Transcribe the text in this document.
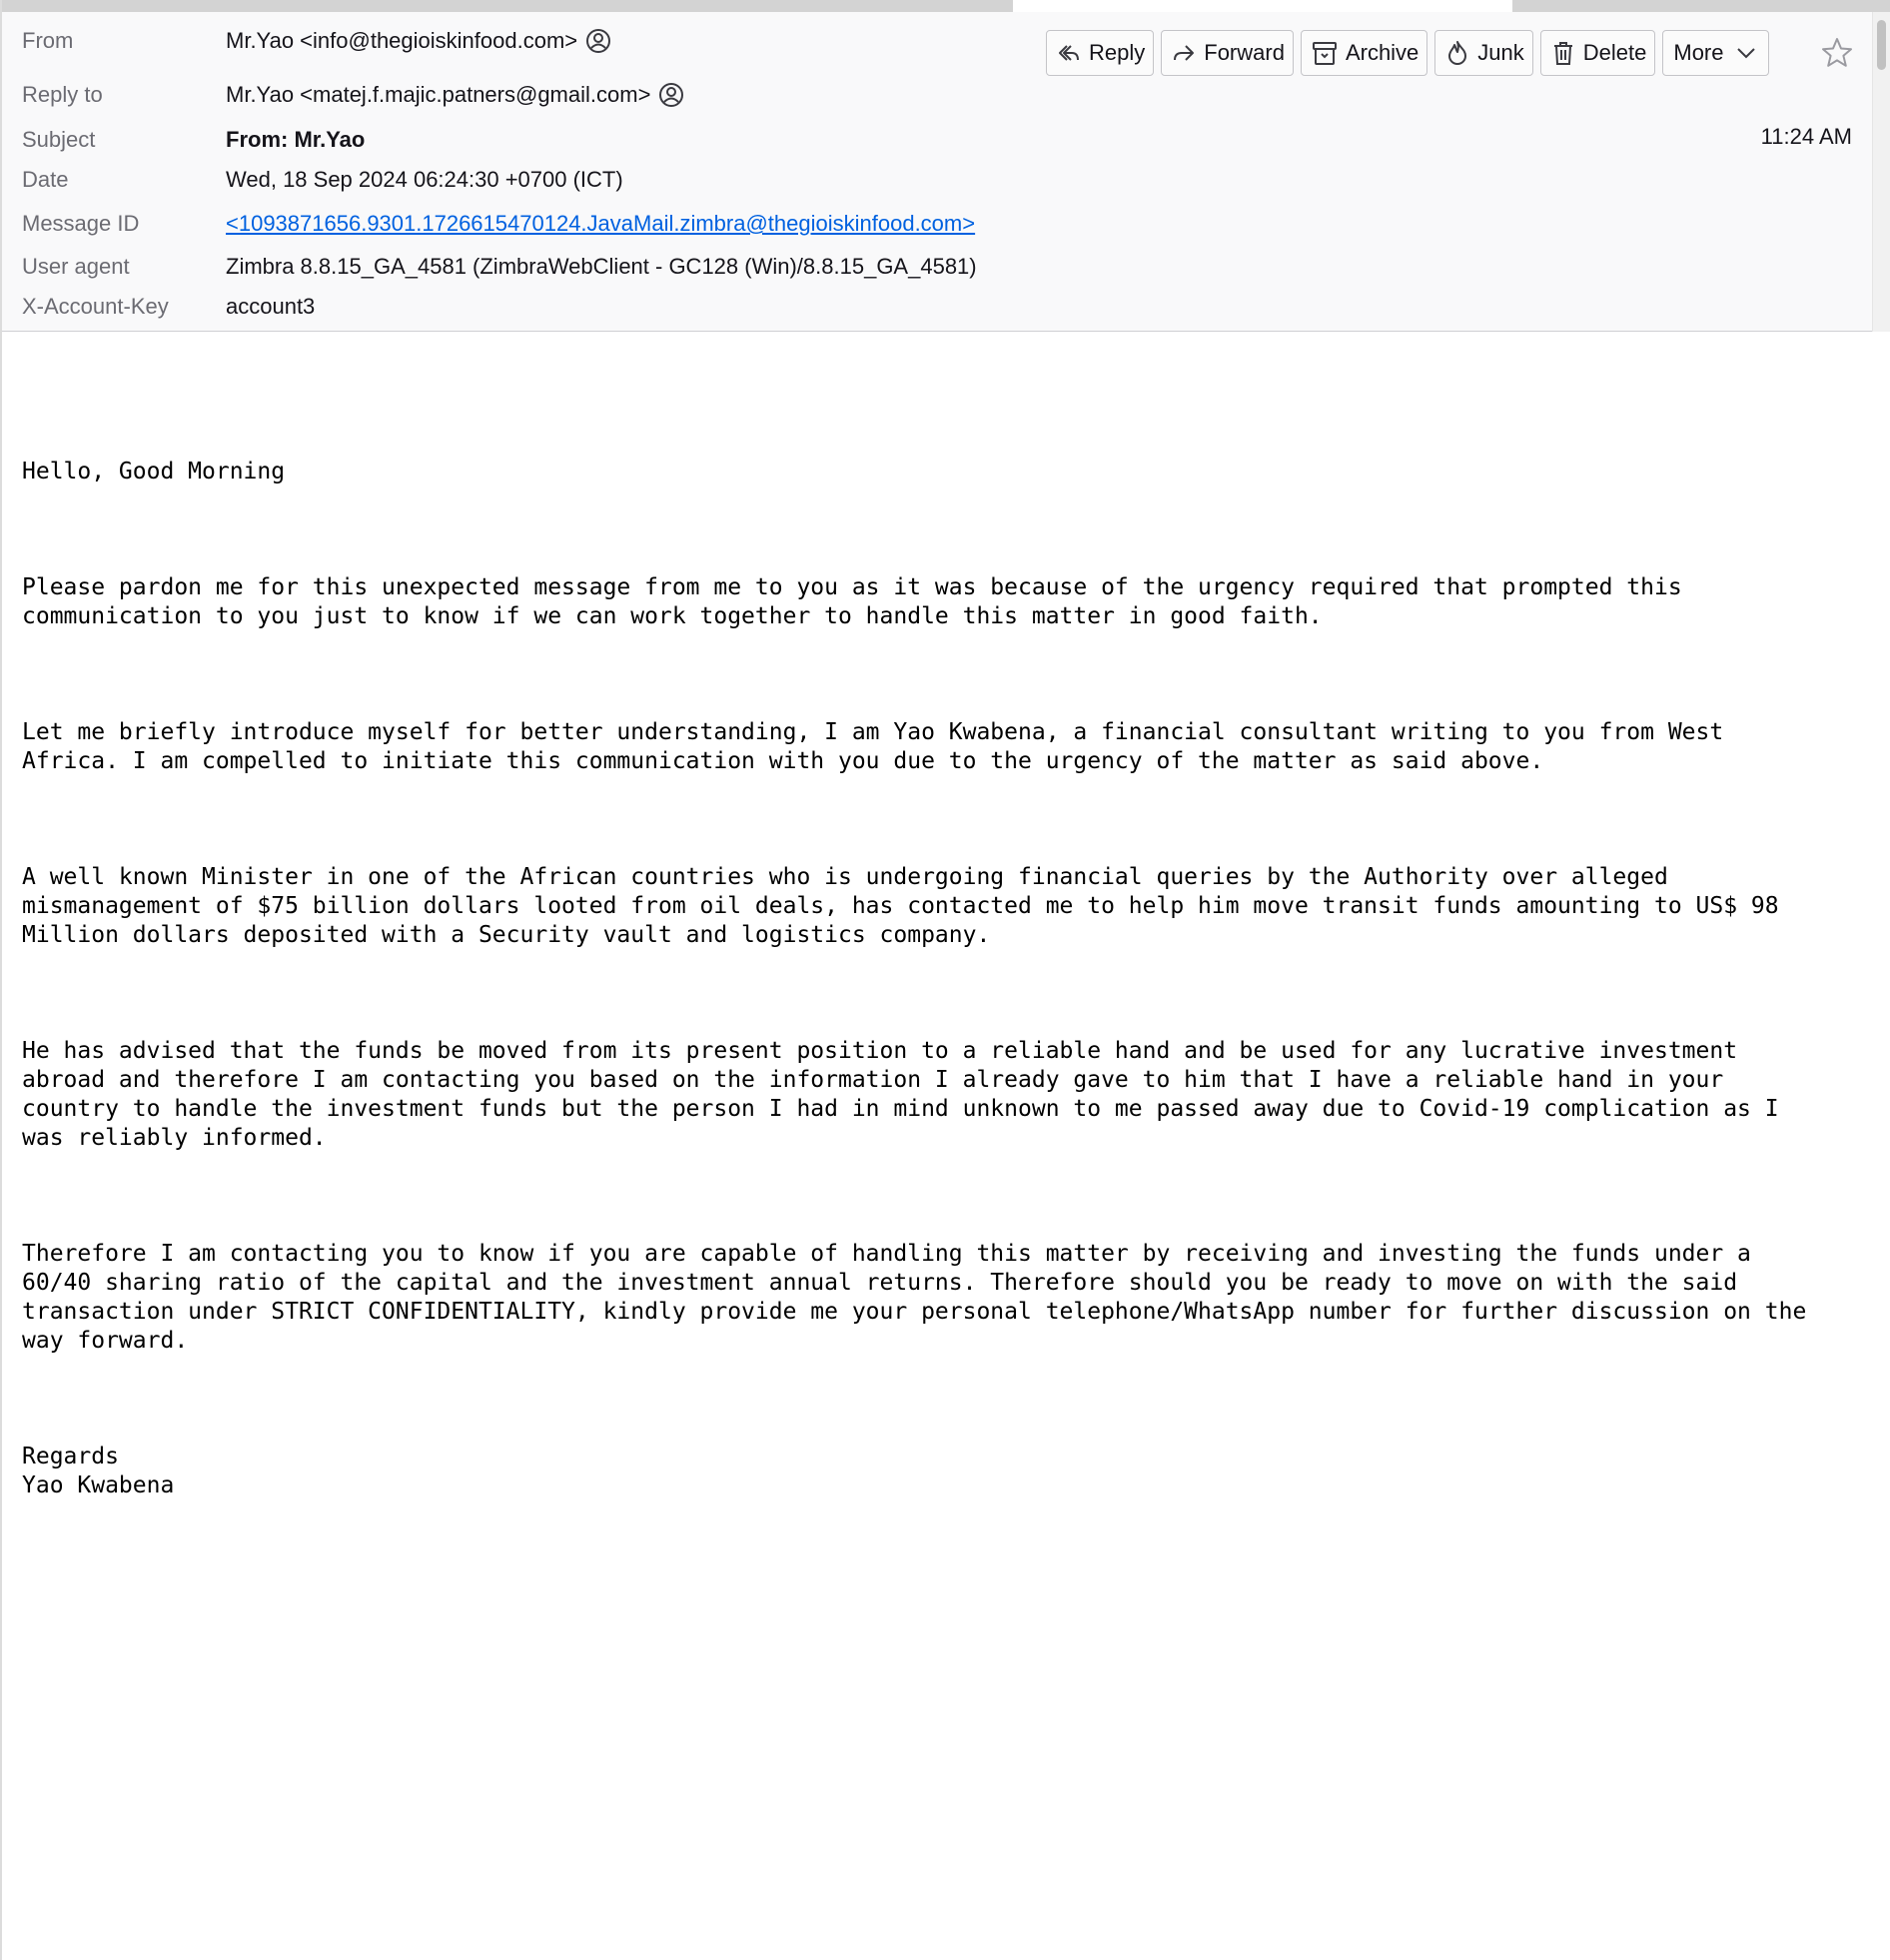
From	Mr.Yao <info@thegioiskinfood.com>
Reply to	Mr.Yao <matej.f.majic.patners@gmail.com>
Subject	From: Mr.Yao	11:24 AM
Date	Wed, 18 Sep 2024 06:24:30 +0700 (ICT)
Message ID	<1093871656.9301.1726615470124.JavaMail.zimbra@thegioiskinfood.com>
User agent	Zimbra 8.8.15_GA_4581 (ZimbraWebClient - GC128 (Win)/8.8.15_GA_4581)
X-Account-Key	account3
Reply	Forward	Archive	Junk	Delete More

Hello, Good Morning

Please pardon me for this unexpected message from me to you as it was because of the urgency required that prompted this
communication to you just to know if we can work together to handle this matter in good faith.

Let me briefly introduce myself for better understanding, I am Yao Kwabena, a financial consultant writing to you from West
Africa. I am compelled to initiate this communication with you due to the urgency of the matter as said above.

A well known Minister in one of the African countries who is undergoing financial queries by the Authority over alleged
mismanagement of $75 billion dollars looted from oil deals, has contacted me to help him move transit funds amounting to US$ 98
Million dollars deposited with a Security vault and logistics company.

He has advised that the funds be moved from its present position to a reliable hand and be used for any lucrative investment
abroad and therefore I am contacting you based on the information I already gave to him that I have a reliable hand in your
country to handle the investment funds but the person I had in mind unknown to me passed away due to Covid-19 complication as I
was reliably informed.

Therefore I am contacting you to know if you are capable of handling this matter by receiving and investing the funds under a
60/40 sharing ratio of the capital and the investment annual returns. Therefore should you be ready to move on with the said
transaction under STRICT CONFIDENTIALITY, kindly provide me your personal telephone/WhatsApp number for further discussion on the
way forward.

Regards
Yao Kwabena
